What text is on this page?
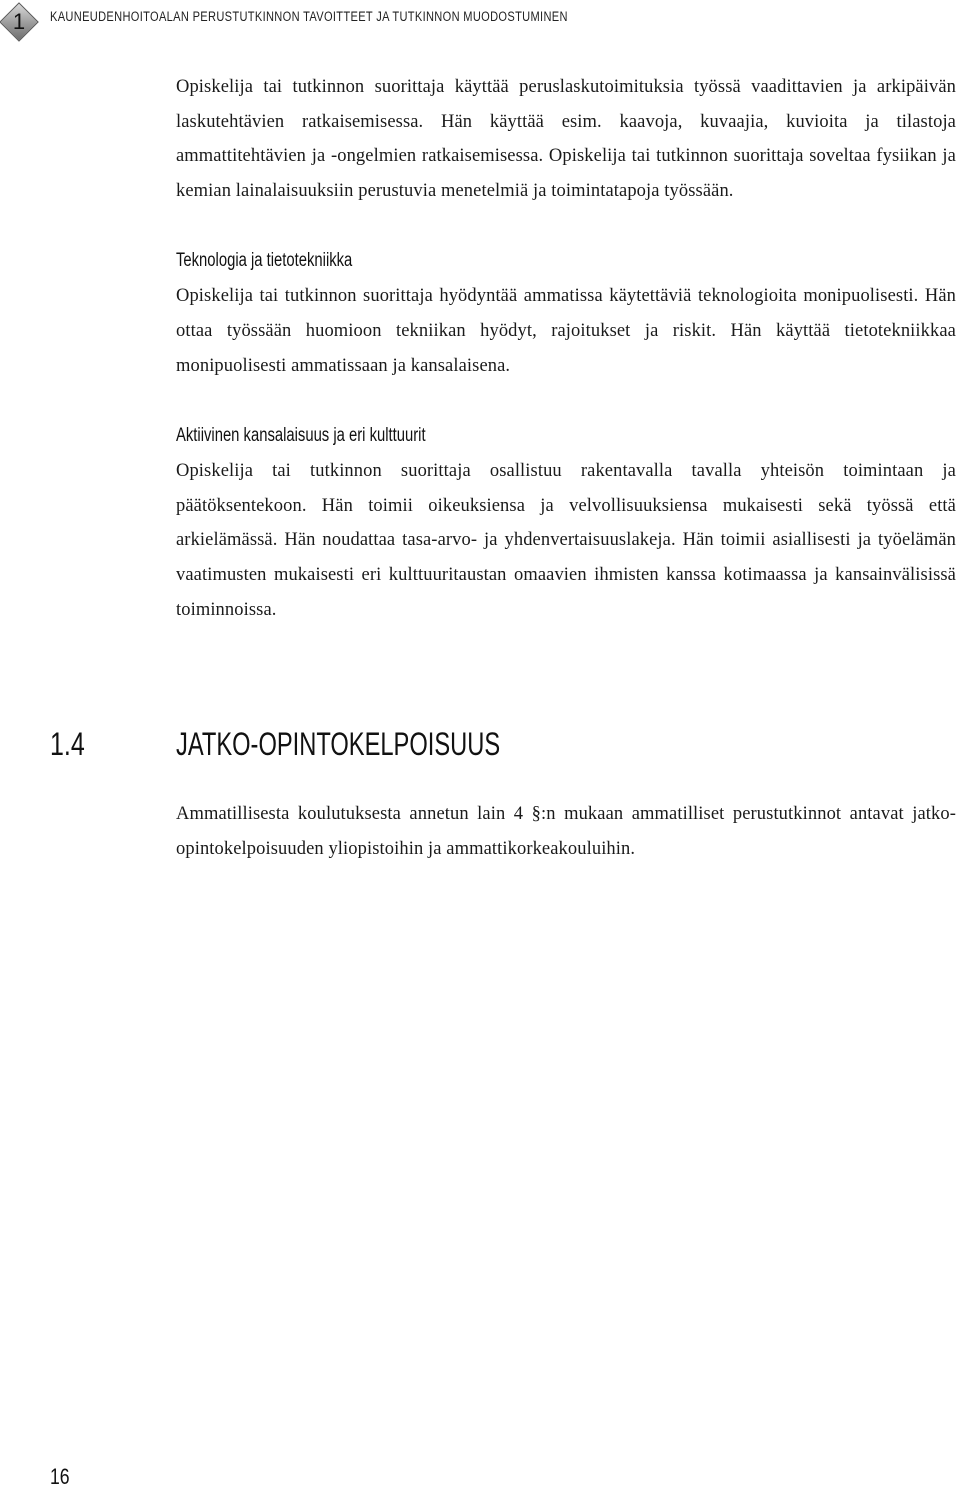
1	KAUNEUDENHOITOALAN PERUSTUTKINNON TAVOITTEET JA TUTKINNON MUODOSTUMINEN

Opiskelija tai tutkinnon suorittaja käyttää peruslaskutoimituksia työssä vaadittavien ja arkipäivän laskutehtävien ratkaisemisessa. Hän käyttää esim. kaavoja, kuvaajia, kuvioita ja tilastoja ammattitehtävien ja -ongelmien ratkaisemisessa. Opiskelija tai tutkinnon suorittaja soveltaa fysiikan ja kemian lainalaisuuksiin perustuvia menetelmiä ja toimintatapoja työssään.

Teknologia ja tietotekniikka

Opiskelija tai tutkinnon suorittaja hyödyntää ammatissa käytettäviä teknologioita monipuolisesti. Hän ottaa työssään huomioon tekniikan hyödyt, rajoitukset ja riskit. Hän käyttää tietotekniikkaa monipuolisesti ammatissaan ja kansalaisena.

Aktiivinen kansalaisuus ja eri kulttuurit

Opiskelija tai tutkinnon suorittaja osallistuu rakentavalla tavalla yhteisön toimintaan ja päätöksentekoon. Hän toimii oikeuksiensa ja velvollisuuksiensa mukaisesti sekä työssä että arkielämässä. Hän noudattaa tasa-arvo- ja yhdenvertaisuuslakeja. Hän toimii asiallisesti ja työelämän vaatimusten mukaisesti eri kulttuuritaustan omaavien ihmisten kanssa kotimaassa ja kansainvälisissä toiminnoissa.

1.4	JATKO-OPINTOKELPOISUUS

Ammatillisesta koulutuksesta annetun lain 4 §:n mukaan ammatilliset perustutkinnot antavat jatko-opintokelpoisuuden yliopistoihin ja ammattikorkeakouluihin.

16
